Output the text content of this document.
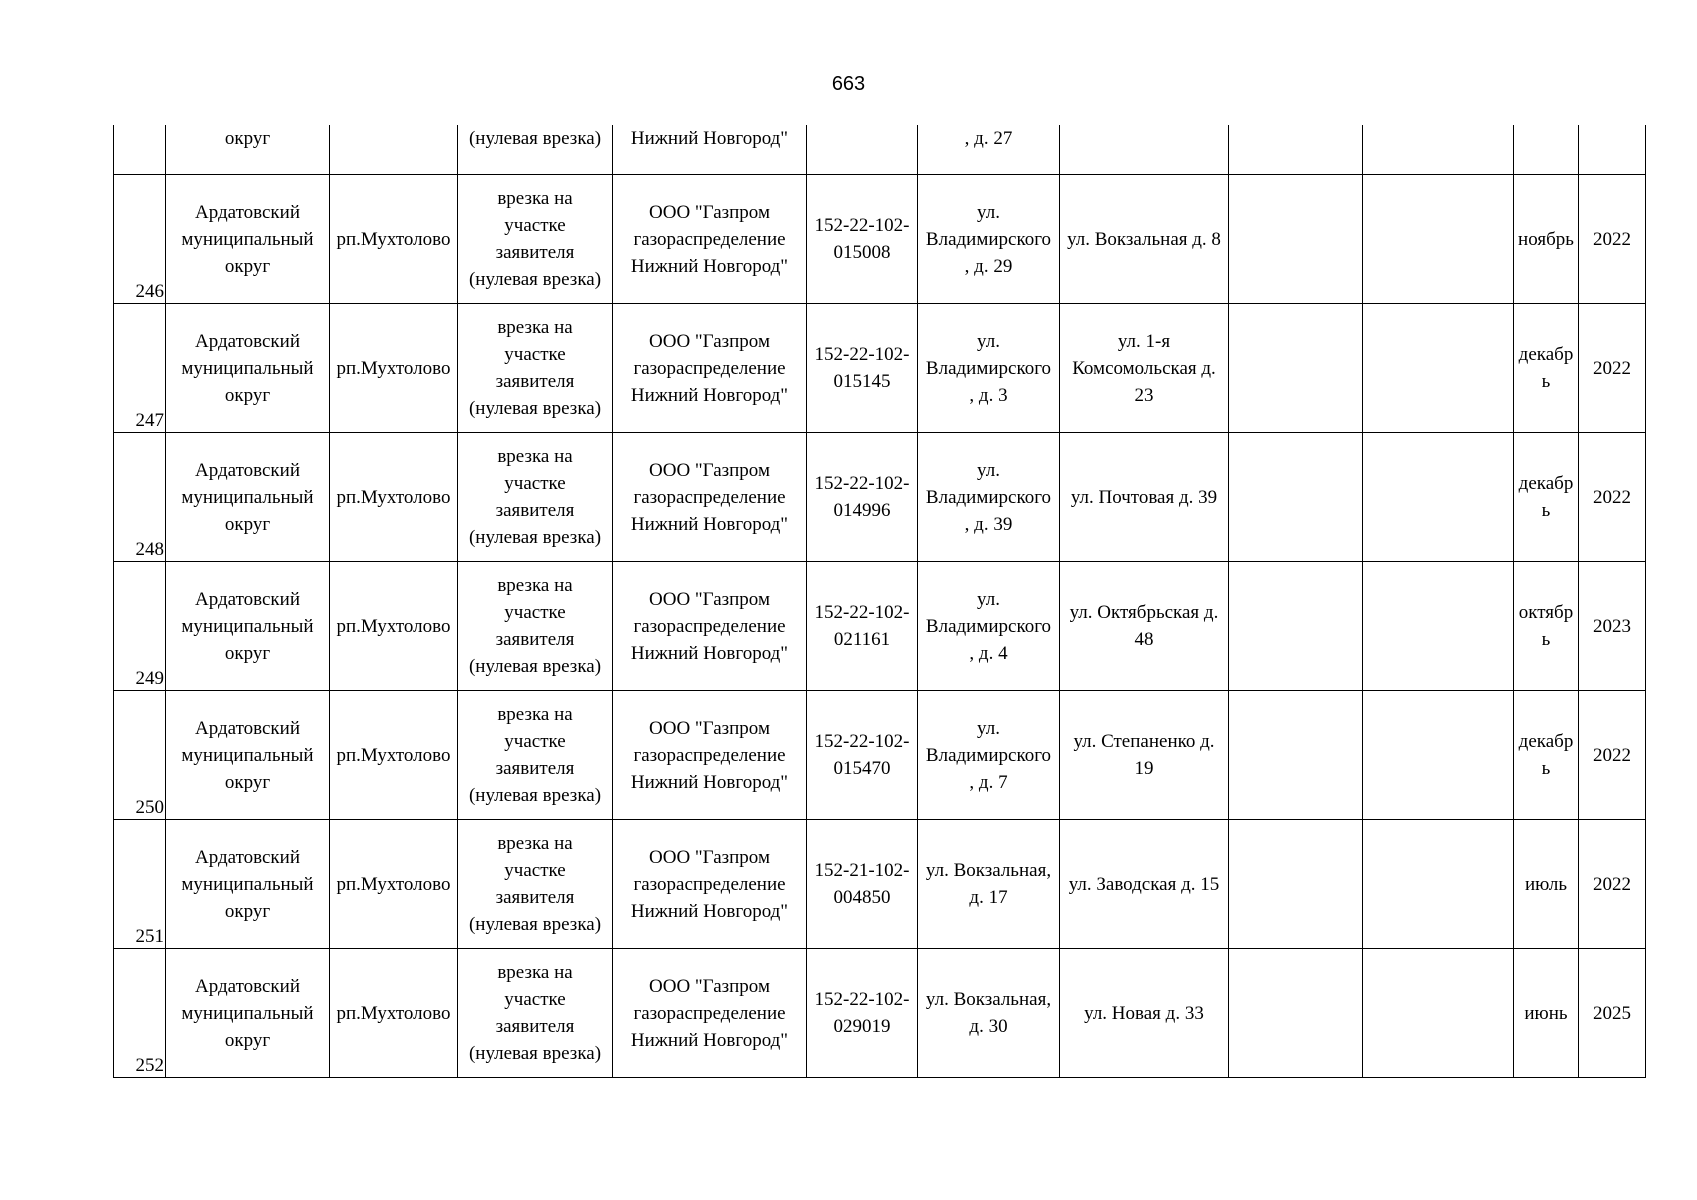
663
	округ		(нулевая врезка)	Нижний Новгород"		, д. 27					
246	Ардатовский
муниципальный
округ	рп.Мухтолово	врезка на
участке
заявителя
(нулевая врезка)	ООО "Газпром
газораспределение
Нижний Новгород"	152-22-102-
015008	ул.
Владимирского
, д. 29	ул. Вокзальная д. 8			ноябрь	2022
247	Ардатовский
муниципальный
округ	рп.Мухтолово	врезка на
участке
заявителя
(нулевая врезка)	ООО "Газпром
газораспределение
Нижний Новгород"	152-22-102-
015145	ул.
Владимирского
, д. 3	ул. 1-я
Комсомольская д.
23			декабр
ь	2022
248	Ардатовский
муниципальный
округ	рп.Мухтолово	врезка на
участке
заявителя
(нулевая врезка)	ООО "Газпром
газораспределение
Нижний Новгород"	152-22-102-
014996	ул.
Владимирского
, д. 39	ул. Почтовая д. 39			декабр
ь	2022
249	Ардатовский
муниципальный
округ	рп.Мухтолово	врезка на
участке
заявителя
(нулевая врезка)	ООО "Газпром
газораспределение
Нижний Новгород"	152-22-102-
021161	ул.
Владимирского
, д. 4	ул. Октябрьская д.
48			октябр
ь	2023
250	Ардатовский
муниципальный
округ	рп.Мухтолово	врезка на
участке
заявителя
(нулевая врезка)	ООО "Газпром
газораспределение
Нижний Новгород"	152-22-102-
015470	ул.
Владимирского
, д. 7	ул. Степаненко д.
19			декабр
ь	2022
251	Ардатовский
муниципальный
округ	рп.Мухтолово	врезка на
участке
заявителя
(нулевая врезка)	ООО "Газпром
газораспределение
Нижний Новгород"	152-21-102-
004850	ул. Вокзальная,
д. 17	ул. Заводская д. 15			июль	2022
252	Ардатовский
муниципальный
округ	рп.Мухтолово	врезка на
участке
заявителя
(нулевая врезка)	ООО "Газпром
газораспределение
Нижний Новгород"	152-22-102-
029019	ул. Вокзальная,
д. 30	ул. Новая д. 33			июнь	2025
